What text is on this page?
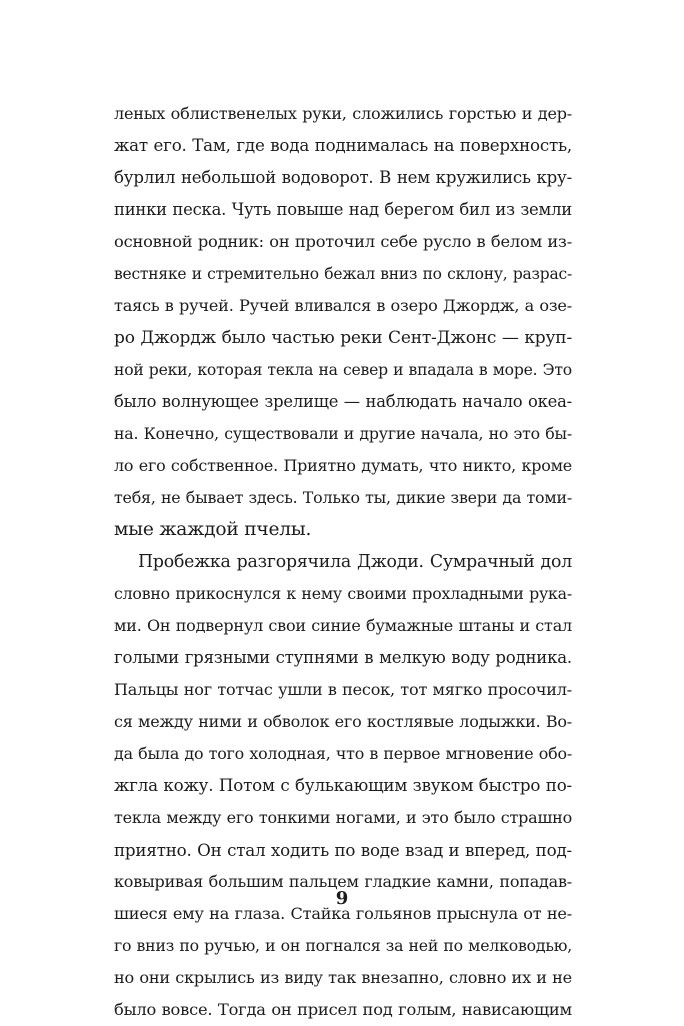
леных облиственелых руки, сложились горстью и дер-
жат его. Там, где вода поднималась на поверхность,
бурлил небольшой водоворот. В нем кружились кру-
пинки песка. Чуть повыше над берегом бил из земли
основной родник: он проточил себе русло в белом из-
вестняке и стремительно бежал вниз по склону, разрас-
таясь в ручей. Ручей вливался в озеро Джордж, а озе-
ро Джордж было частью реки Сент-Джонс — круп-
ной реки, которая текла на север и впадала в море. Это
было волнующее зрелище — наблюдать начало океа-
на. Конечно, существовали и другие начала, но это бы-
ло его собственное. Приятно думать, что никто, кроме
тебя, не бывает здесь. Только ты, дикие звери да томи-
мые жаждой пчелы.
Пробежка разгорячила Джоди. Сумрачный дол
словно прикоснулся к нему своими прохладными рука-
ми. Он подвернул свои синие бумажные штаны и стал
голыми грязными ступнями в мелкую воду родника.
Пальцы ног тотчас ушли в песок, тот мягко просочил-
ся между ними и обволок его костлявые лодыжки. Во-
да была до того холодная, что в первое мгновение обо-
жгла кожу. Потом с булькающим звуком быстро по-
текла между его тонкими ногами, и это было страшно
приятно. Он стал ходить по воде взад и вперед, под-
ковыривая большим пальцем гладкие камни, попадав-
шиеся ему на глаза. Стайка гольянов прыснула от не-
го вниз по ручью, и он погнался за ней по мелководью,
но они скрылись из виду так внезапно, словно их и не
было вовсе. Тогда он присел под голым, нависающим
9
